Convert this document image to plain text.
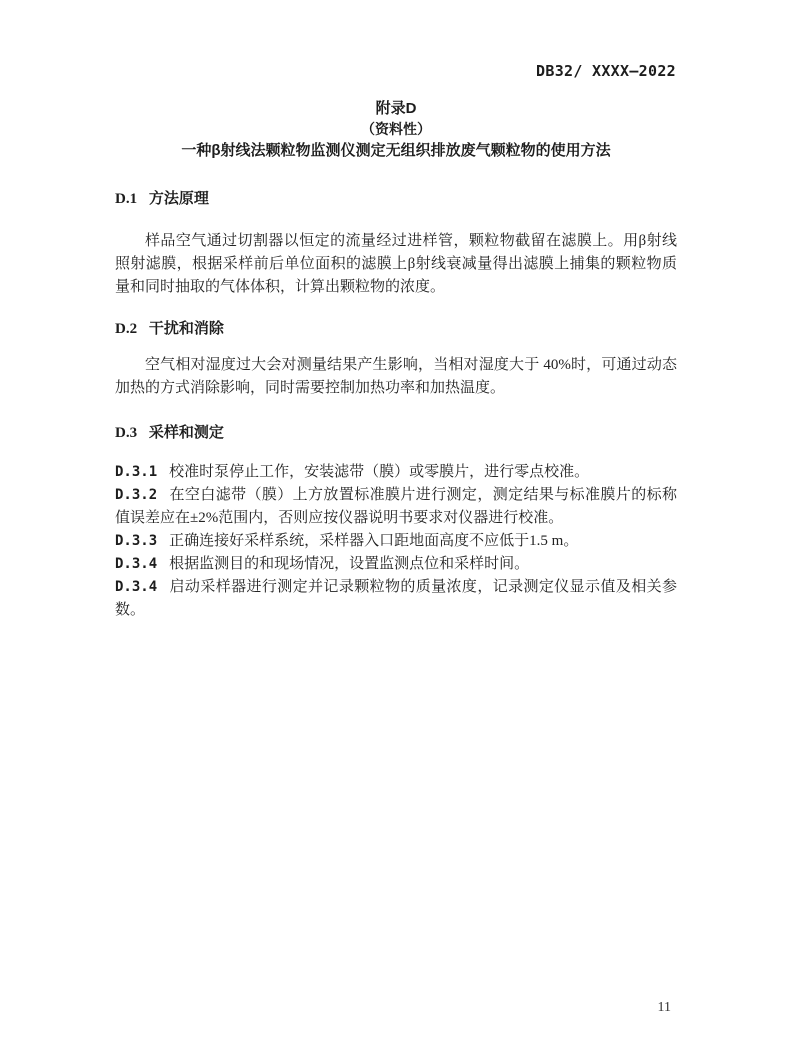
DB32/ XXXX—2022
附录D
（资料性）
一种β射线法颗粒物监测仪测定无组织排放废气颗粒物的使用方法
D.1 方法原理

样品空气通过切割器以恒定的流量经过进样管，颗粒物截留在滤膜上。用β射线照射滤膜，根据采样前后单位面积的滤膜上β射线衰减量得出滤膜上捕集的颗粒物质量和同时抽取的气体体积，计算出颗粒物的浓度。

D.2 干扰和消除

空气相对湿度过大会对测量结果产生影响，当相对湿度大于 40%时，可通过动态加热的方式消除影响，同时需要控制加热功率和加热温度。

D.3 采样和测定

D.3.1 校准时泵停止工作，安装滤带（膜）或零膜片，进行零点校准。

D.3.2 在空白滤带（膜）上方放置标准膜片进行测定，测定结果与标准膜片的标称值误差应在±2%范围内，否则应按仪器说明书要求对仪器进行校准。

D.3.3 正确连接好采样系统，采样器入口距地面高度不应低于1.5 m。

D.3.4 根据监测目的和现场情况，设置监测点位和采样时间。

D.3.4 启动采样器进行测定并记录颗粒物的质量浓度，记录测定仪显示值及相关参数。

11
